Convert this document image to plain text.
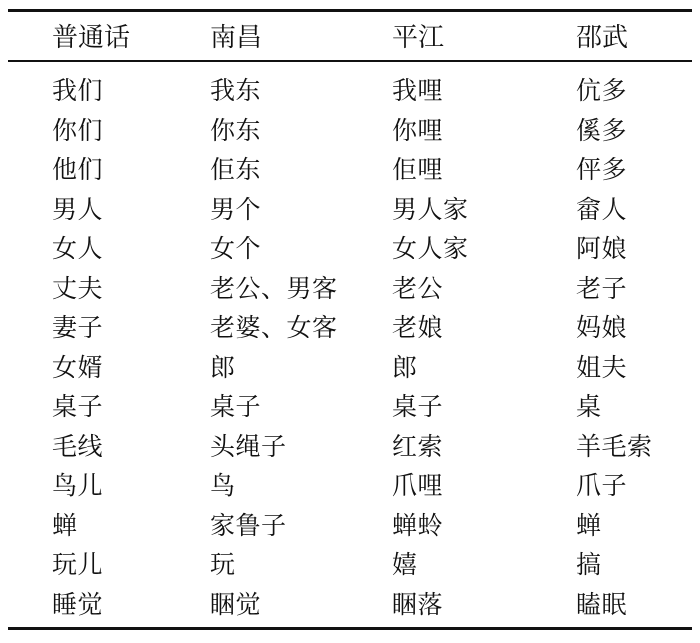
普通话	南昌	平江	邵武
我们	我东	我哩	伉多
你们	你东	你哩	傒多
他们	佢东	佢哩	伻多
男人	男个	男人家	畲人
女人	女个	女人家	阿娘
丈夫	老公、男客	老公	老子
妻子	老婆、女客	老娘	妈娘
女婿	郎	郎	姐夫
桌子	桌子	桌子	桌
毛线	头绳子	红索	羊毛索
鸟儿	鸟	爪哩	爪子
蝉	家鲁子	蝉蛉	蝉
玩儿	玩	嬉	搞
睡觉	睏觉	睏落	瞌眠
